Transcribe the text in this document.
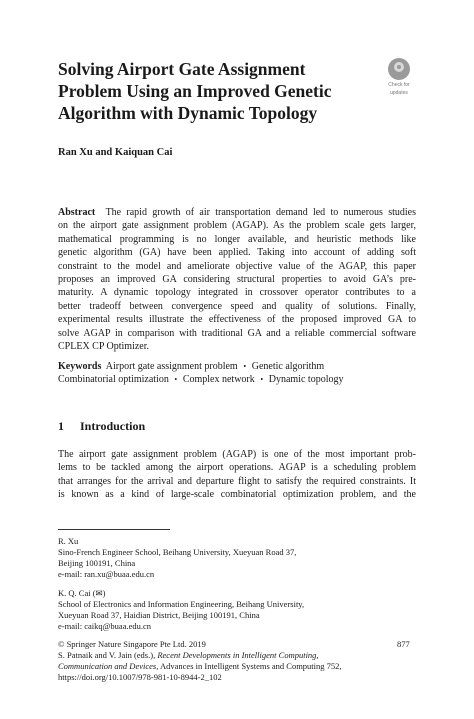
Solving Airport Gate Assignment
Problem Using an Improved Genetic
Algorithm with Dynamic Topology
Check for
updates
Ran Xu and Kaiquan Cai
Abstract The rapid growth of air transportation demand led to numerous studies
on the airport gate assignment problem (AGAP). As the problem scale gets larger,
mathematical programming is no longer available, and heuristic methods like
genetic algorithm (GA) have been applied. Taking into account of adding soft
constraint to the model and ameliorate objective value of the AGAP, this paper
proposes an improved GA considering structural properties to avoid GA’s pre-
maturity. A dynamic topology integrated in crossover operator contributes to a
better tradeoff between convergence speed and quality of solutions. Finally,
experimental results illustrate the effectiveness of the proposed improved GA to
solve AGAP in comparison with traditional GA and a reliable commercial software
CPLEX CP Optimizer.
Keywords Airport gate assignment problem • Genetic algorithm
Combinatorial optimization • Complex network • Dynamic topology
1 Introduction
The airport gate assignment problem (AGAP) is one of the most important prob-
lems to be tackled among the airport operations. AGAP is a scheduling problem
that arranges for the arrival and departure flight to satisfy the required constraints. It
is known as a kind of large-scale combinatorial optimization problem, and the
R. Xu
Sino-French Engineer School, Beihang University, Xueyuan Road 37,
Beijing 100191, China
e-mail: ran.xu@buaa.edu.cn
K. Q. Cai (✉)
School of Electronics and Information Engineering, Beihang University,
Xueyuan Road 37, Haidian District, Beijing 100191, China
e-mail: caikq@buaa.edu.cn
© Springer Nature Singapore Pte Ltd. 2019
S. Patnaik and V. Jain (eds.), Recent Developments in Intelligent Computing,
Communication and Devices, Advances in Intelligent Systems and Computing 752,
https://doi.org/10.1007/978-981-10-8944-2_102
877
